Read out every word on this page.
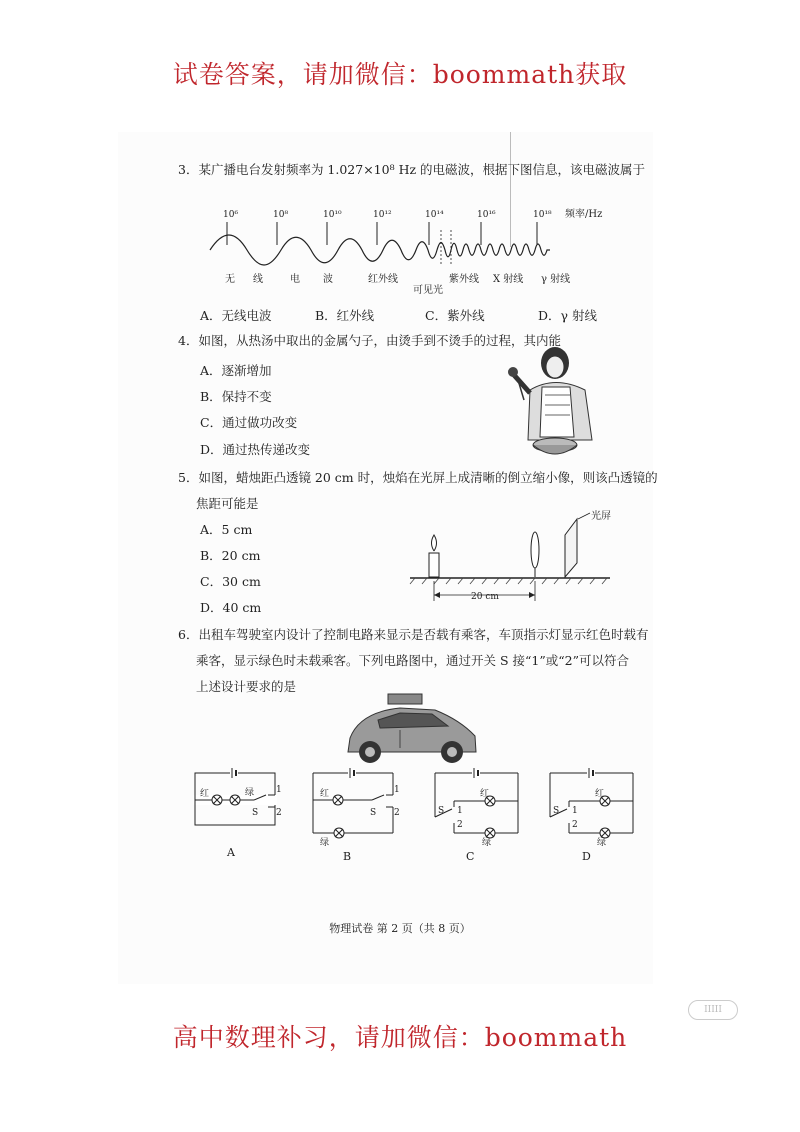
试卷答案，请加微信：boommath获取
3．某广播电台发射频率为 1.027×10⁸ Hz 的电磁波，根据下图信息，该电磁波属于
10⁶	10⁸	10¹⁰	10¹²	10¹⁴	10¹⁶	10¹⁸ 频率/Hz
无 线	电 波	红外线
可见光
紫外线 X 射线 γ 射线
A．无线电波	B．红外线	C．紫外线	D．γ 射线
4．如图，从热汤中取出的金属勺子，由烫手到不烫手的过程，其内能
A．逐渐增加
B．保持不变
C．通过做功改变
D．通过热传递改变
5．如图，蜡烛距凸透镜 20 cm 时，烛焰在光屏上成清晰的倒立缩小像，则该凸透镜的
焦距可能是
A．5 cm
B．20 cm
C．30 cm
D．40 cm
光屏
20 cm
6．出租车驾驶室内设计了控制电路来显示是否载有乘客，车顶指示灯显示红色时载有
乘客，显示绿色时未载乘客。下列电路图中，通过开关 S 接“1”或“2”可以符合
上述设计要求的是
红	绿
S
1
2
A
红
绿
S
1
2
B
红
绿
S 1
2
C
红
绿
S 1
2
D
物理试卷 第 2 页（共 8 页）
IIIII
高中数理补习，请加微信：boommath
